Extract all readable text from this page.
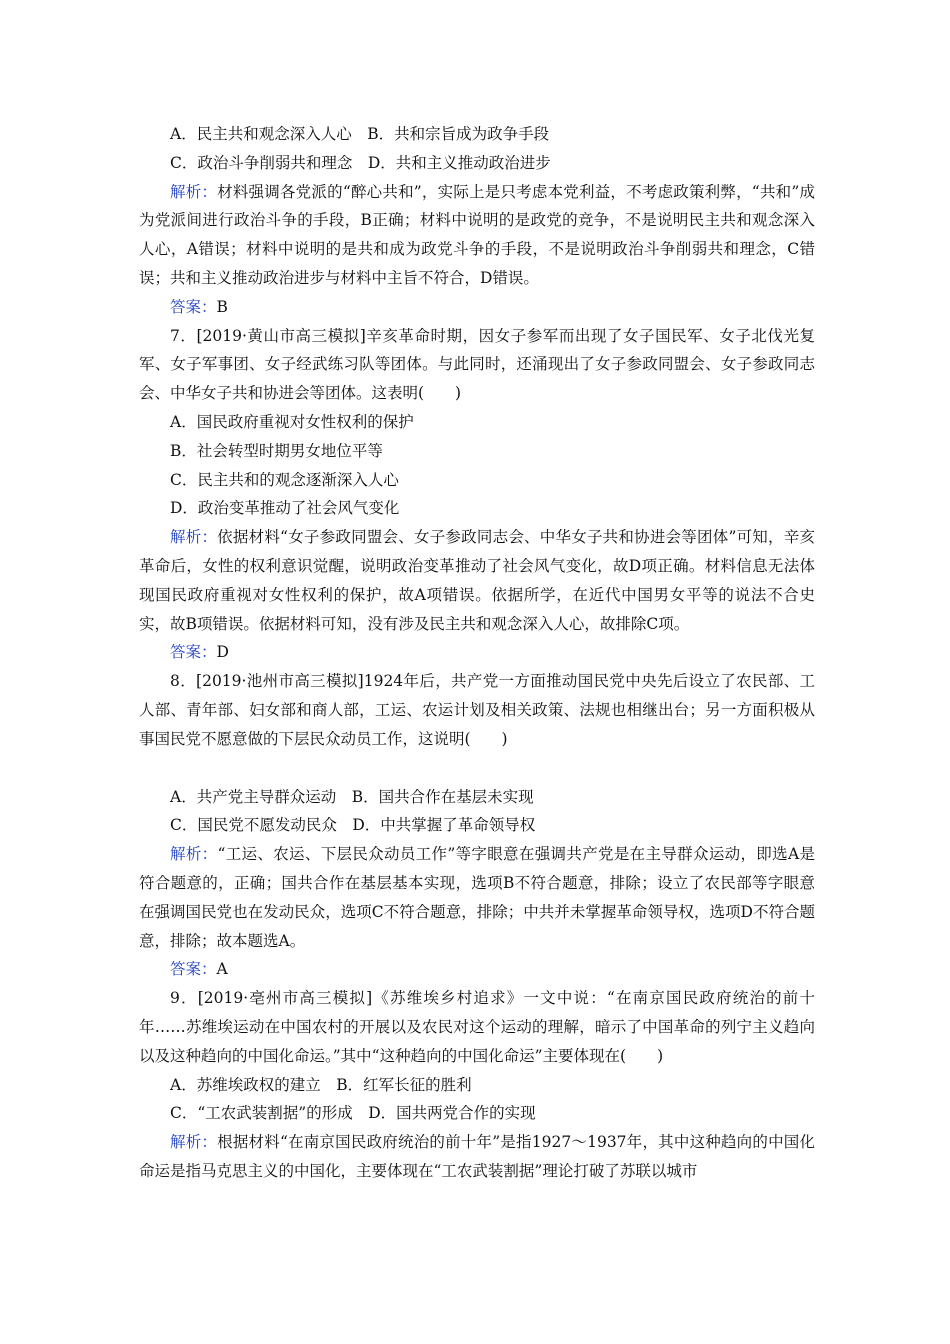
A．民主共和观念深入人心　B．共和宗旨成为政争手段

C．政治斗争削弱共和理念　D．共和主义推动政治进步

解析：材料强调各党派的“醉心共和”，实际上是只考虑本党利益，不考虑政策利弊，“共和”成为党派间进行政治斗争的手段，B正确；材料中说明的是政党的竞争，不是说明民主共和观念深入人心，A错误；材料中说明的是共和成为政党斗争的手段，不是说明政治斗争削弱共和理念，C错误；共和主义推动政治进步与材料中主旨不符合，D错误。

答案：B

7．[2019·黄山市高三模拟]辛亥革命时期，因女子参军而出现了女子国民军、女子北伐光复军、女子军事团、女子经武练习队等团体。与此同时，还涌现出了女子参政同盟会、女子参政同志会、中华女子共和协进会等团体。这表明(　　)

A．国民政府重视对女性权利的保护

B．社会转型时期男女地位平等

C．民主共和的观念逐渐深入人心

D．政治变革推动了社会风气变化

解析：依据材料“女子参政同盟会、女子参政同志会、中华女子共和协进会等团体”可知，辛亥革命后，女性的权利意识觉醒，说明政治变革推动了社会风气变化，故D项正确。材料信息无法体现国民政府重视对女性权利的保护，故A项错误。依据所学，在近代中国男女平等的说法不合史实，故B项错误。依据材料可知，没有涉及民主共和观念深入人心，故排除C项。

答案：D

8．[2019·池州市高三模拟]1924年后，共产党一方面推动国民党中央先后设立了农民部、工人部、青年部、妇女部和商人部，工运、农运计划及相关政策、法规也相继出台；另一方面积极从事国民党不愿意做的下层民众动员工作，这说明(　　)

A．共产党主导群众运动　B．国共合作在基层未实现

C．国民党不愿发动民众　D．中共掌握了革命领导权

解析：“工运、农运、下层民众动员工作”等字眼意在强调共产党是在主导群众运动，即选A是符合题意的，正确；国共合作在基层基本实现，选项B不符合题意，排除；设立了农民部等字眼意在强调国民党也在发动民众，选项C不符合题意，排除；中共并未掌握革命领导权，选项D不符合题意，排除；故本题选A。

答案：A

9．[2019·亳州市高三模拟]《苏维埃乡村追求》一文中说：“在南京国民政府统治的前十年……苏维埃运动在中国农村的开展以及农民对这个运动的理解，暗示了中国革命的列宁主义趋向以及这种趋向的中国化命运。”其中“这种趋向的中国化命运”主要体现在(　　)

A．苏维埃政权的建立　B．红军长征的胜利

C．“工农武装割据”的形成　D．国共两党合作的实现

解析：根据材料“在南京国民政府统治的前十年”是指1927～1937年，其中这种趋向的中国化命运是指马克思主义的中国化，主要体现在“工农武装割据”理论打破了苏联以城市
